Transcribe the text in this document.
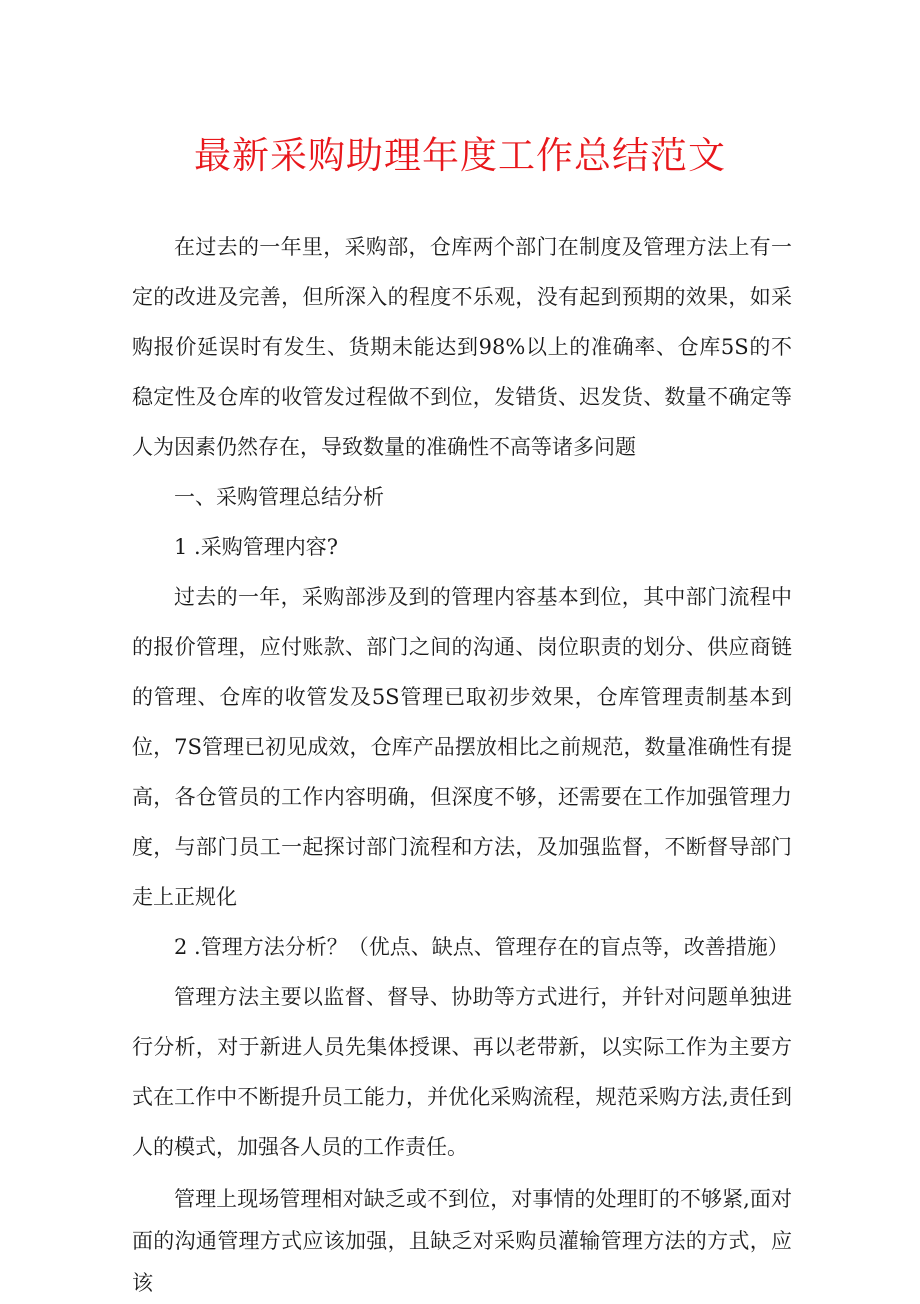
最新采购助理年度工作总结范文

在过去的一年里，采购部，仓库两个部门在制度及管理方法上有一定的改进及完善，但所深入的程度不乐观，没有起到预期的效果，如采购报价延误时有发生、货期未能达到98%以上的准确率、仓库5S的不稳定性及仓库的收管发过程做不到位，发错货、迟发货、数量不确定等人为因素仍然存在，导致数量的准确性不高等诸多问题

一、采购管理总结分析

1 .采购管理内容?

过去的一年，采购部涉及到的管理内容基本到位，其中部门流程中的报价管理，应付账款、部门之间的沟通、岗位职责的划分、供应商链的管理、仓库的收管发及5S管理已取初步效果，仓库管理责制基本到位，7S管理已初见成效，仓库产品摆放相比之前规范，数量准确性有提高，各仓管员的工作内容明确，但深度不够，还需要在工作加强管理力度，与部门员工一起探讨部门流程和方法，及加强监督，不断督导部门走上正规化

2 .管理方法分析？（优点、缺点、管理存在的盲点等，改善措施）

管理方法主要以监督、督导、协助等方式进行，并针对问题单独进行分析，对于新进人员先集体授课、再以老带新，以实际工作为主要方式在工作中不断提升员工能力，并优化采购流程，规范采购方法,责任到人的模式，加强各人员的工作责任。

管理上现场管理相对缺乏或不到位，对事情的处理盯的不够紧,面对面的沟通管理方式应该加强，且缺乏对采购员灌输管理方法的方式，应该
